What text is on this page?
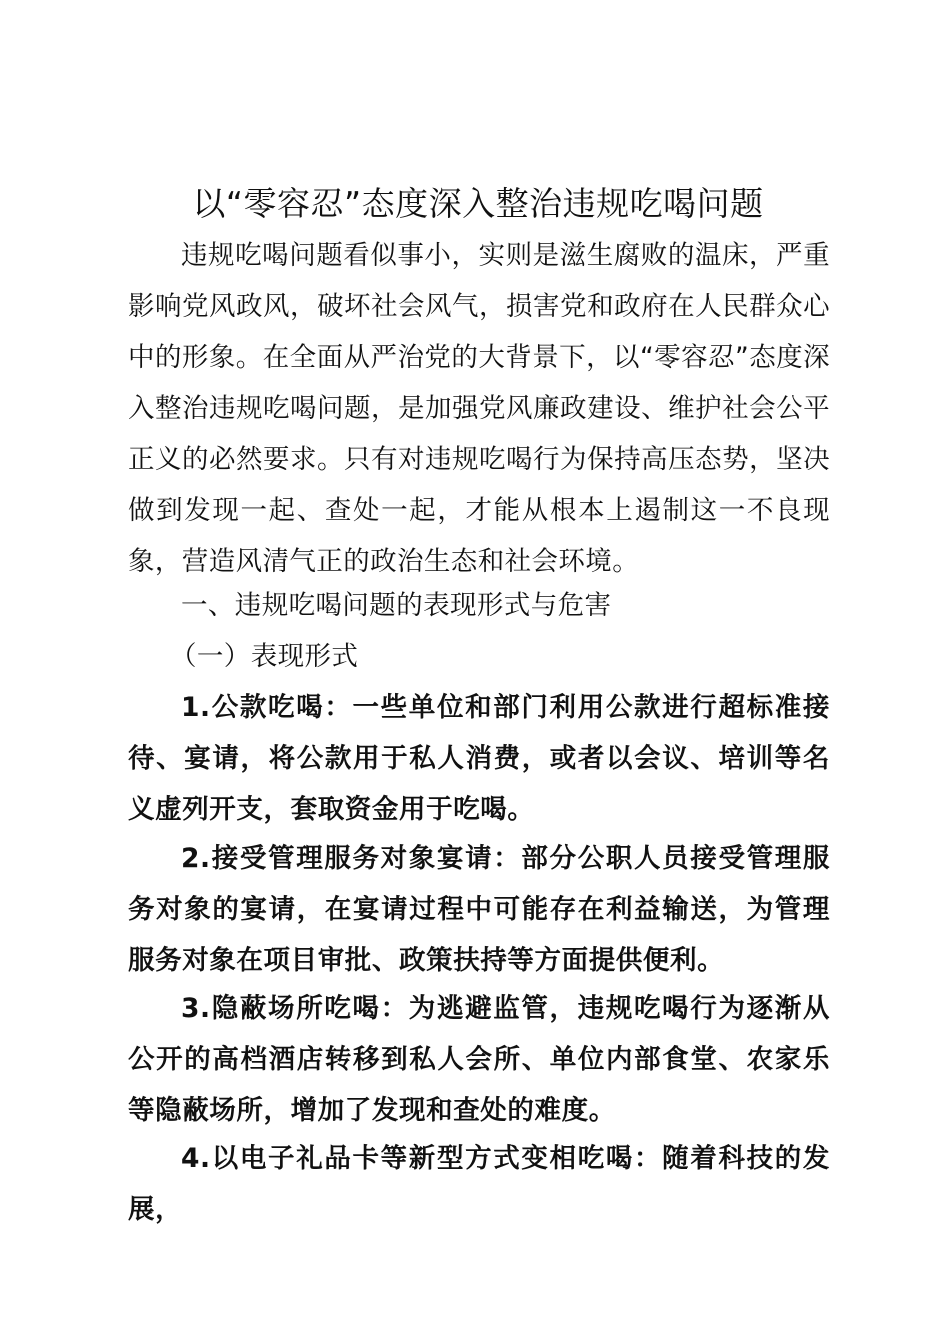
以“零容忍”态度深入整治违规吃喝问题

违规吃喝问题看似事小，实则是滋生腐败的温床，严重影响党风政风，破坏社会风气，损害党和政府在人民群众心中的形象。在全面从严治党的大背景下，以“零容忍”态度深入整治违规吃喝问题，是加强党风廉政建设、维护社会公平正义的必然要求。只有对违规吃喝行为保持高压态势，坚决做到发现一起、查处一起，才能从根本上遏制这一不良现象，营造风清气正的政治生态和社会环境。

一、违规吃喝问题的表现形式与危害

（一）表现形式

1.公款吃喝：一些单位和部门利用公款进行超标准接待、宴请，将公款用于私人消费，或者以会议、培训等名义虚列开支，套取资金用于吃喝。

2.接受管理服务对象宴请：部分公职人员接受管理服务对象的宴请，在宴请过程中可能存在利益输送，为管理服务对象在项目审批、政策扶持等方面提供便利。

3.隐蔽场所吃喝：为逃避监管，违规吃喝行为逐渐从公开的高档酒店转移到私人会所、单位内部食堂、农家乐等隐蔽场所，增加了发现和查处的难度。

4.以电子礼品卡等新型方式变相吃喝：随着科技的发展，
